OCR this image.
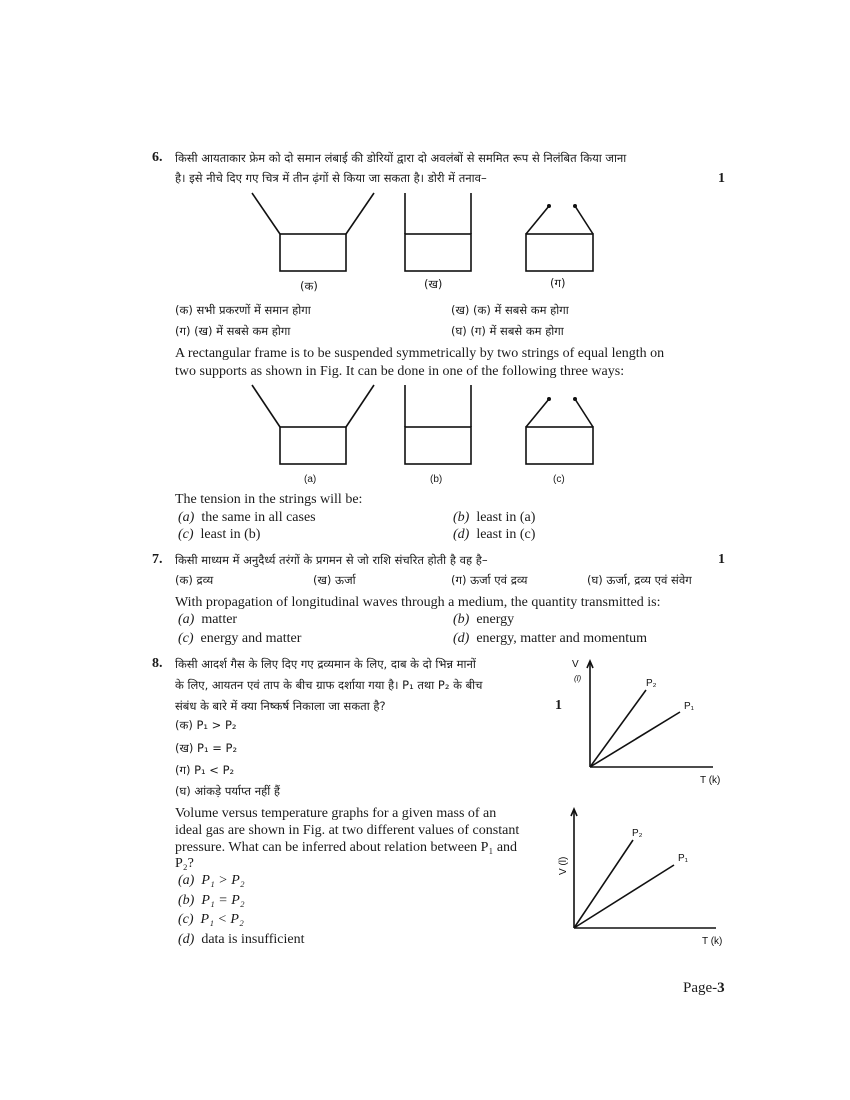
6. किसी आयताकार फ्रेम को दो समान लंबाई की डोरियों द्वारा दो अवलंबों से सममित रूप से निलंबित किया जाना
है। इसे नीचे दिए गए चित्र में तीन ढ़ंगों से किया जा सकता है। डोरी में तनाव–	1
(क)	(ख)	(ग)
(क) सभी प्रकरणों में समान होगा	(ख) (क) में सबसे कम होगा
(ग) (ख) में सबसे कम होगा	(घ) (ग) में सबसे कम होगा
A rectangular frame is to be suspended symmetrically by two strings of equal length on
two supports as shown in Fig. It can be done in one of the following three ways:
(a)	(b)	(c)
The tension in the strings will be:
(a) the same in all cases	(b) least in (a)
(c) least in (b)	(d) least in (c)
7. किसी माध्यम में अनुदैर्ध्य तरंगों के प्रगमन से जो राशि संचरित होती है वह है–	1
(क) द्रव्य	(ख) ऊर्जा	(ग) ऊर्जा एवं द्रव्य	(घ) ऊर्जा, द्रव्य एवं संवेग
With propagation of longitudinal waves through a medium, the quantity transmitted is:
(a) matter	(b) energy
(c) energy and matter	(d) energy, matter and momentum
8. किसी आदर्श गैस के लिए दिए गए द्रव्यमान के लिए, दाब के दो भिन्न मानों
के लिए, आयतन एवं ताप के बीच ग्राफ दर्शाया गया है। P₁ तथा P₂ के बीच
संबंध के बारे में क्या निष्कर्ष निकाला जा सकता है?	1
(क) P₁ > P₂
(ख) P₁ = P₂
(ग) P₁ < P₂
(घ) आंकड़े पर्याप्त नहीं हैं
V
(l)	P₂
P₁
T (k)
Volume versus temperature graphs for a given mass of an
ideal gas are shown in Fig. at two different values of constant
pressure. What can be inferred about relation between P₁ and
P₂?
(a) P₁ > P₂
(b) P₁ = P₂
(c) P₁ < P₂
(d) data is insufficient
V (l)
P₂
P₁
T (k)
Page-3
